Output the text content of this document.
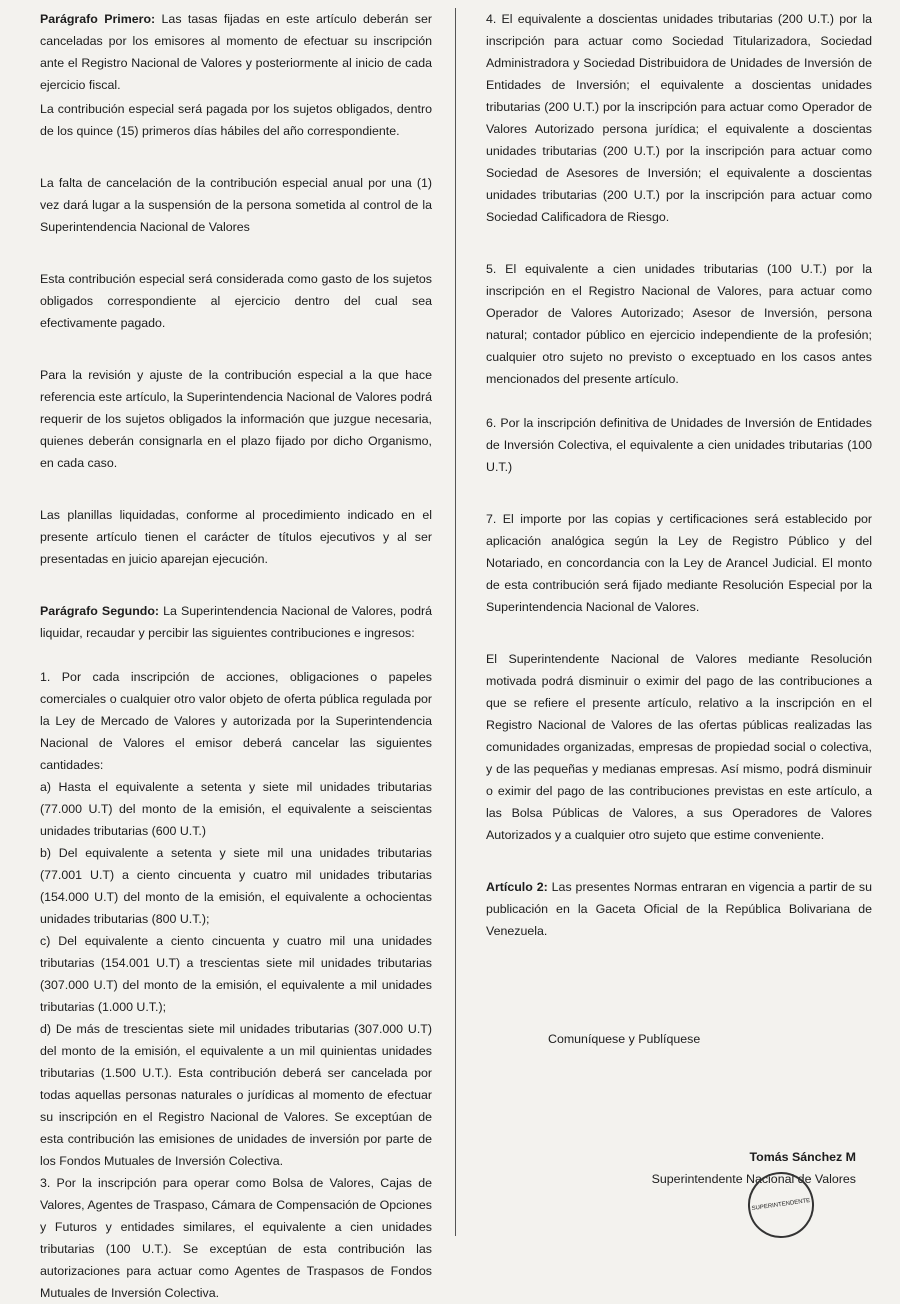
Parágrafo Primero: Las tasas fijadas en este artículo deberán ser canceladas por los emisores al momento de efectuar su inscripción ante el Registro Nacional de Valores y posteriormente al inicio de cada ejercicio fiscal.

La contribución especial será pagada por los sujetos obligados, dentro de los quince (15) primeros días hábiles del año correspondiente.

La falta de cancelación de la contribución especial anual por una (1) vez dará lugar a la suspensión de la persona sometida al control de la Superintendencia Nacional de Valores

Esta contribución especial será considerada como gasto de los sujetos obligados correspondiente al ejercicio dentro del cual sea efectivamente pagado.

Para la revisión y ajuste de la contribución especial a la que hace referencia este artículo, la Superintendencia Nacional de Valores podrá requerir de los sujetos obligados la información que juzgue necesaria, quienes deberán consignarla en el plazo fijado por dicho Organismo, en cada caso.

Las planillas liquidadas, conforme al procedimiento indicado en el presente artículo tienen el carácter de títulos ejecutivos y al ser presentadas en juicio aparejan ejecución.

Parágrafo Segundo: La Superintendencia Nacional de Valores, podrá liquidar, recaudar y percibir las siguientes contribuciones e ingresos:

1. Por cada inscripción de acciones, obligaciones o papeles comerciales o cualquier otro valor objeto de oferta pública regulada por la Ley de Mercado de Valores y autorizada por la Superintendencia Nacional de Valores el emisor deberá cancelar las siguientes cantidades:

a) Hasta el equivalente a setenta y siete mil unidades tributarias (77.000 U.T) del monto de la emisión, el equivalente a seiscientas unidades tributarias (600 U.T.)

b) Del equivalente a setenta y siete mil una unidades tributarias (77.001 U.T) a ciento cincuenta y cuatro mil unidades tributarias (154.000 U.T) del monto de la emisión, el equivalente a ochocientas unidades tributarias (800 U.T.);

c) Del equivalente a ciento cincuenta y cuatro mil una unidades tributarias (154.001 U.T) a trescientas siete mil unidades tributarias (307.000 U.T) del monto de la emisión, el equivalente a mil unidades tributarias (1.000 U.T.);

d) De más de trescientas siete mil unidades tributarias (307.000 U.T) del monto de la emisión, el equivalente a un mil quinientas unidades tributarias (1.500 U.T.). Esta contribución deberá ser cancelada por todas aquellas personas naturales o jurídicas al momento de efectuar su inscripción en el Registro Nacional de Valores. Se exceptúan de esta contribución las emisiones de unidades de inversión por parte de los Fondos Mutuales de Inversión Colectiva.

3. Por la inscripción para operar como Bolsa de Valores, Cajas de Valores, Agentes de Traspaso, Cámara de Compensación de Opciones y Futuros y entidades similares, el equivalente a cien unidades tributarias (100 U.T.). Se exceptúan de esta contribución las autorizaciones para actuar como Agentes de Traspasos de Fondos Mutuales de Inversión Colectiva.

4. El equivalente a doscientas unidades tributarias (200 U.T.) por la inscripción para actuar como Sociedad Titularizadora, Sociedad Administradora y Sociedad Distribuidora de Unidades de Inversión de Entidades de Inversión; el equivalente a doscientas unidades tributarias (200 U.T.) por la inscripción para actuar como Operador de Valores Autorizado persona jurídica; el equivalente a doscientas unidades tributarias (200 U.T.) por la inscripción para actuar como Sociedad de Asesores de Inversión; el equivalente a doscientas unidades tributarias (200 U.T.) por la inscripción para actuar como Sociedad Calificadora de Riesgo.

5. El equivalente a cien unidades tributarias (100 U.T.) por la inscripción en el Registro Nacional de Valores, para actuar como Operador de Valores Autorizado; Asesor de Inversión, persona natural; contador público en ejercicio independiente de la profesión; cualquier otro sujeto no previsto o exceptuado en los casos antes mencionados del presente artículo.

6. Por la inscripción definitiva de Unidades de Inversión de Entidades de Inversión Colectiva, el equivalente a cien unidades tributarias (100 U.T.)

7. El importe por las copias y certificaciones será establecido por aplicación analógica según la Ley de Registro Público y del Notariado, en concordancia con la Ley de Arancel Judicial. El monto de esta contribución será fijado mediante Resolución Especial por la Superintendencia Nacional de Valores.

El Superintendente Nacional de Valores mediante Resolución motivada podrá disminuir o eximir del pago de las contribuciones a que se refiere el presente artículo, relativo a la inscripción en el Registro Nacional de Valores de las ofertas públicas realizadas las comunidades organizadas, empresas de propiedad social o colectiva, y de las pequeñas y medianas empresas. Así mismo, podrá disminuir o eximir del pago de las contribuciones previstas en este artículo, a las Bolsa Públicas de Valores, a sus Operadores de Valores Autorizados y a cualquier otro sujeto que estime conveniente.

Artículo 2: Las presentes Normas entraran en vigencia a partir de su publicación en la Gaceta Oficial de la República Bolivariana de Venezuela.

Comuníquese y Publíquese

Tomás Sánchez M
Superintendente Nacional de Valores
SUPERINTENDENTE
